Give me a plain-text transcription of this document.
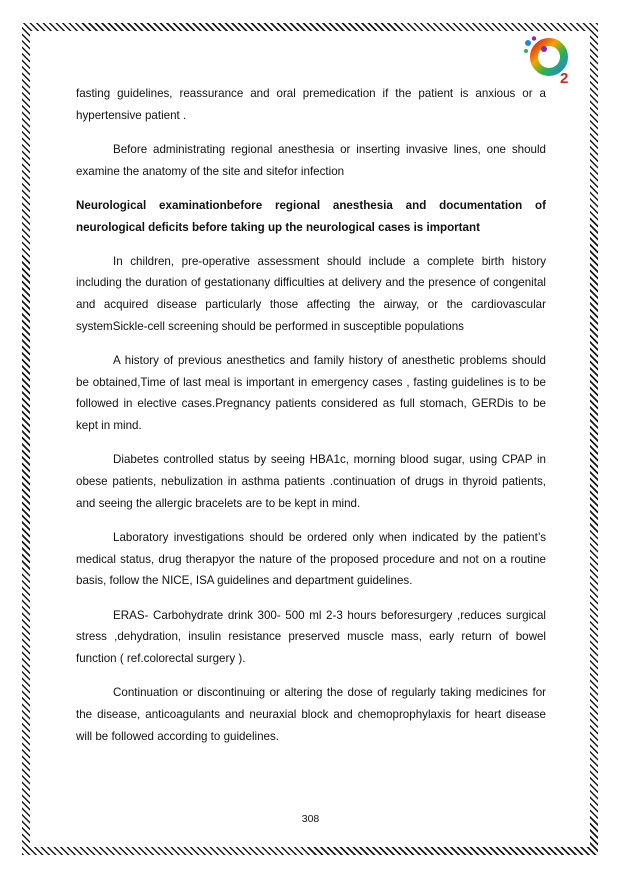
2

fasting guidelines, reassurance and oral premedication if the patient is anxious or a hypertensive patient .

Before administrating regional anesthesia or inserting invasive lines, one should examine the anatomy of the site and sitefor infection

Neurological examinationbefore regional anesthesia and documentation of neurological deficits before taking up the neurological cases is important

In children, pre-operative assessment should include a complete birth history including the duration of gestationany difficulties at delivery and the presence of congenital and acquired disease particularly those affecting the airway, or the cardiovascular systemSickle-cell screening should be performed in susceptible populations

A history of previous anesthetics and family history of anesthetic problems should be obtained,Time of last meal is important in emergency cases , fasting guidelines is to be followed in elective cases.Pregnancy patients considered as full stomach, GERDis to be kept in mind.

Diabetes controlled status by seeing HBA1c, morning blood sugar, using CPAP in obese patients, nebulization in asthma patients .continuation of drugs in thyroid patients, and seeing the allergic bracelets are to be kept in mind.

Laboratory investigations should be ordered only when indicated by the patient’s medical status, drug therapyor the nature of the proposed procedure and not on a routine basis, follow the NICE, ISA guidelines and department guidelines.

ERAS- Carbohydrate drink 300- 500 ml 2-3 hours beforesurgery ,reduces surgical stress ,dehydration, insulin resistance preserved muscle mass, early return of bowel function ( ref.colorectal surgery ).

Continuation or discontinuing or altering the dose of regularly taking medicines for the disease, anticoagulants and neuraxial block and chemoprophylaxis for heart disease will be followed according to guidelines.

308
